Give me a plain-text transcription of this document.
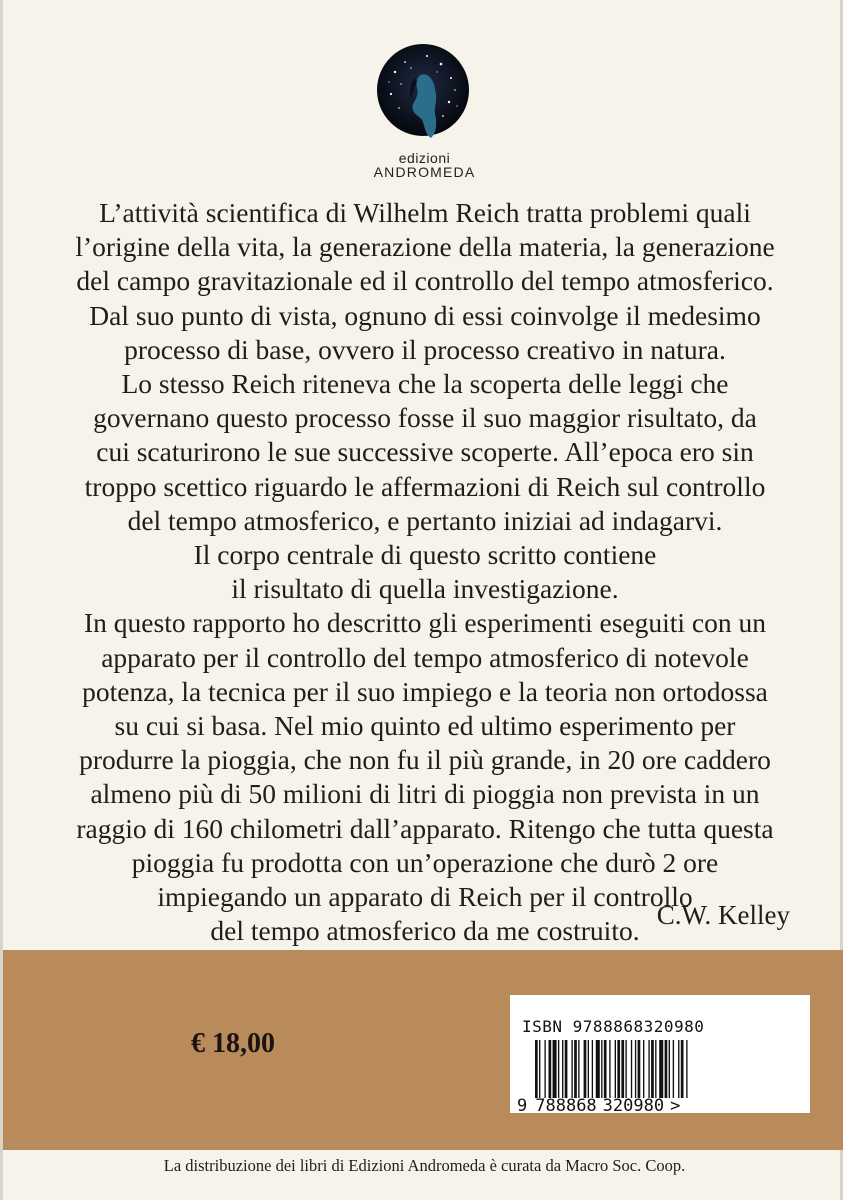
edizioni
ANDROMEDA
L’attività scientifica di Wilhelm Reich tratta problemi quali
l’origine della vita, la generazione della materia, la generazione
del campo gravitazionale ed il controllo del tempo atmosferico.
Dal suo punto di vista, ognuno di essi coinvolge il medesimo
processo di base, ovvero il processo creativo in natura.
Lo stesso Reich riteneva che la scoperta delle leggi che
governano questo processo fosse il suo maggior risultato, da
cui scaturirono le sue successive scoperte. All’epoca ero sin
troppo scettico riguardo le affermazioni di Reich sul controllo
del tempo atmosferico, e pertanto iniziai ad indagarvi.
Il corpo centrale di questo scritto contiene
il risultato di quella investigazione.
In questo rapporto ho descritto gli esperimenti eseguiti con un
apparato per il controllo del tempo atmosferico di notevole
potenza, la tecnica per il suo impiego e la teoria non ortodossa
su cui si basa. Nel mio quinto ed ultimo esperimento per
produrre la pioggia, che non fu il più grande, in 20 ore caddero
almeno più di 50 milioni di litri di pioggia non prevista in un
raggio di 160 chilometri dall’apparato. Ritengo che tutta questa
pioggia fu prodotta con un’operazione che durò 2 ore
impiegando un apparato di Reich per il controllo
del tempo atmosferico da me costruito.
C.W. Kelley
€ 18,00
ISBN 9788868320980
9 788868 320980 >
La distribuzione dei libri di Edizioni Andromeda è curata da Macro Soc. Coop.
